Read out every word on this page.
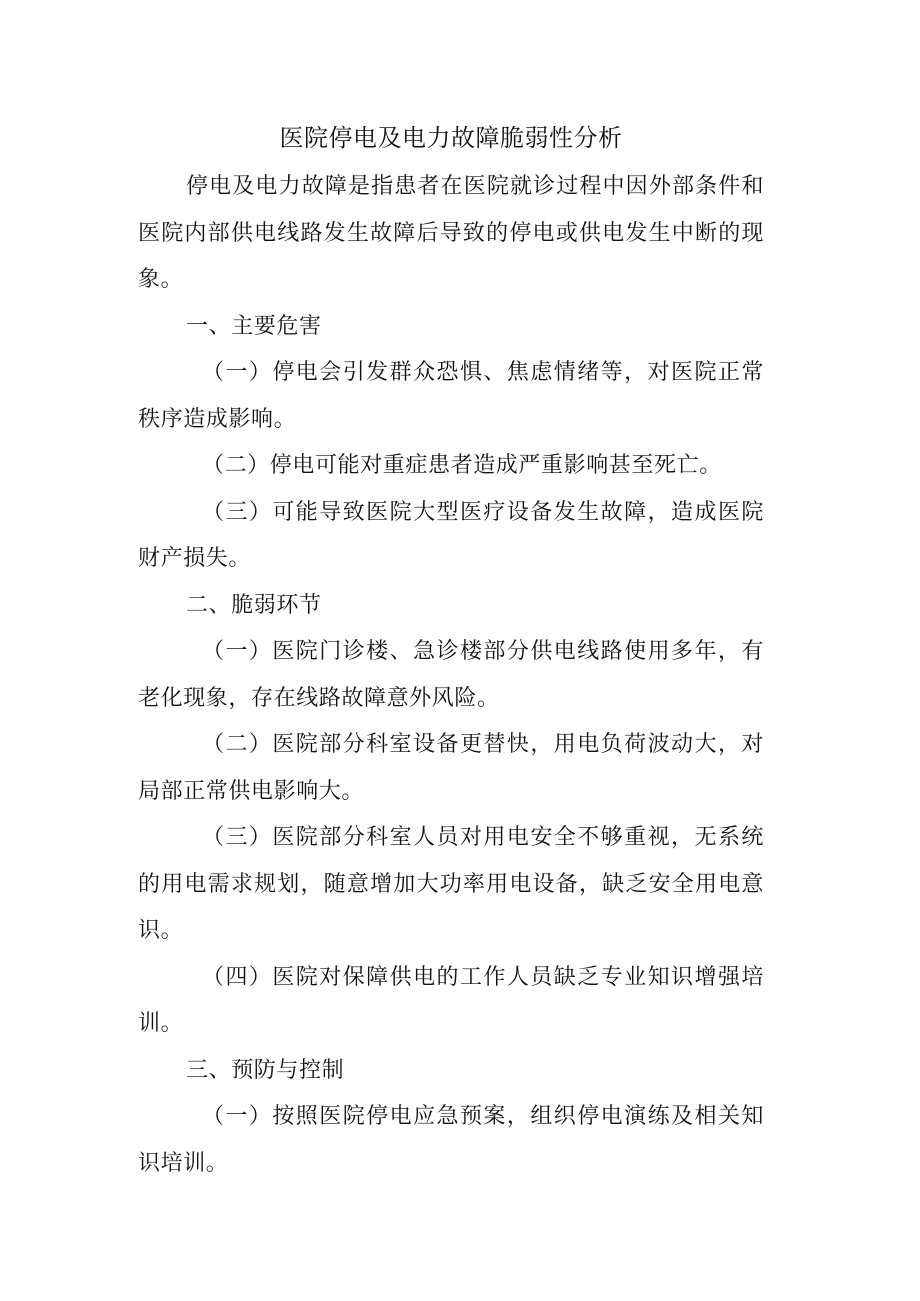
医院停电及电力故障脆弱性分析

停电及电力故障是指患者在医院就诊过程中因外部条件和医院内部供电线路发生故障后导致的停电或供电发生中断的现象。

一、主要危害

（一）停电会引发群众恐惧、焦虑情绪等，对医院正常秩序造成影响。

（二）停电可能对重症患者造成严重影响甚至死亡。

（三）可能导致医院大型医疗设备发生故障，造成医院财产损失。

二、脆弱环节

（一）医院门诊楼、急诊楼部分供电线路使用多年，有老化现象，存在线路故障意外风险。

（二）医院部分科室设备更替快，用电负荷波动大，对局部正常供电影响大。

（三）医院部分科室人员对用电安全不够重视，无系统的用电需求规划，随意增加大功率用电设备，缺乏安全用电意识。

（四）医院对保障供电的工作人员缺乏专业知识增强培训。

三、预防与控制

（一）按照医院停电应急预案，组织停电演练及相关知识培训。
